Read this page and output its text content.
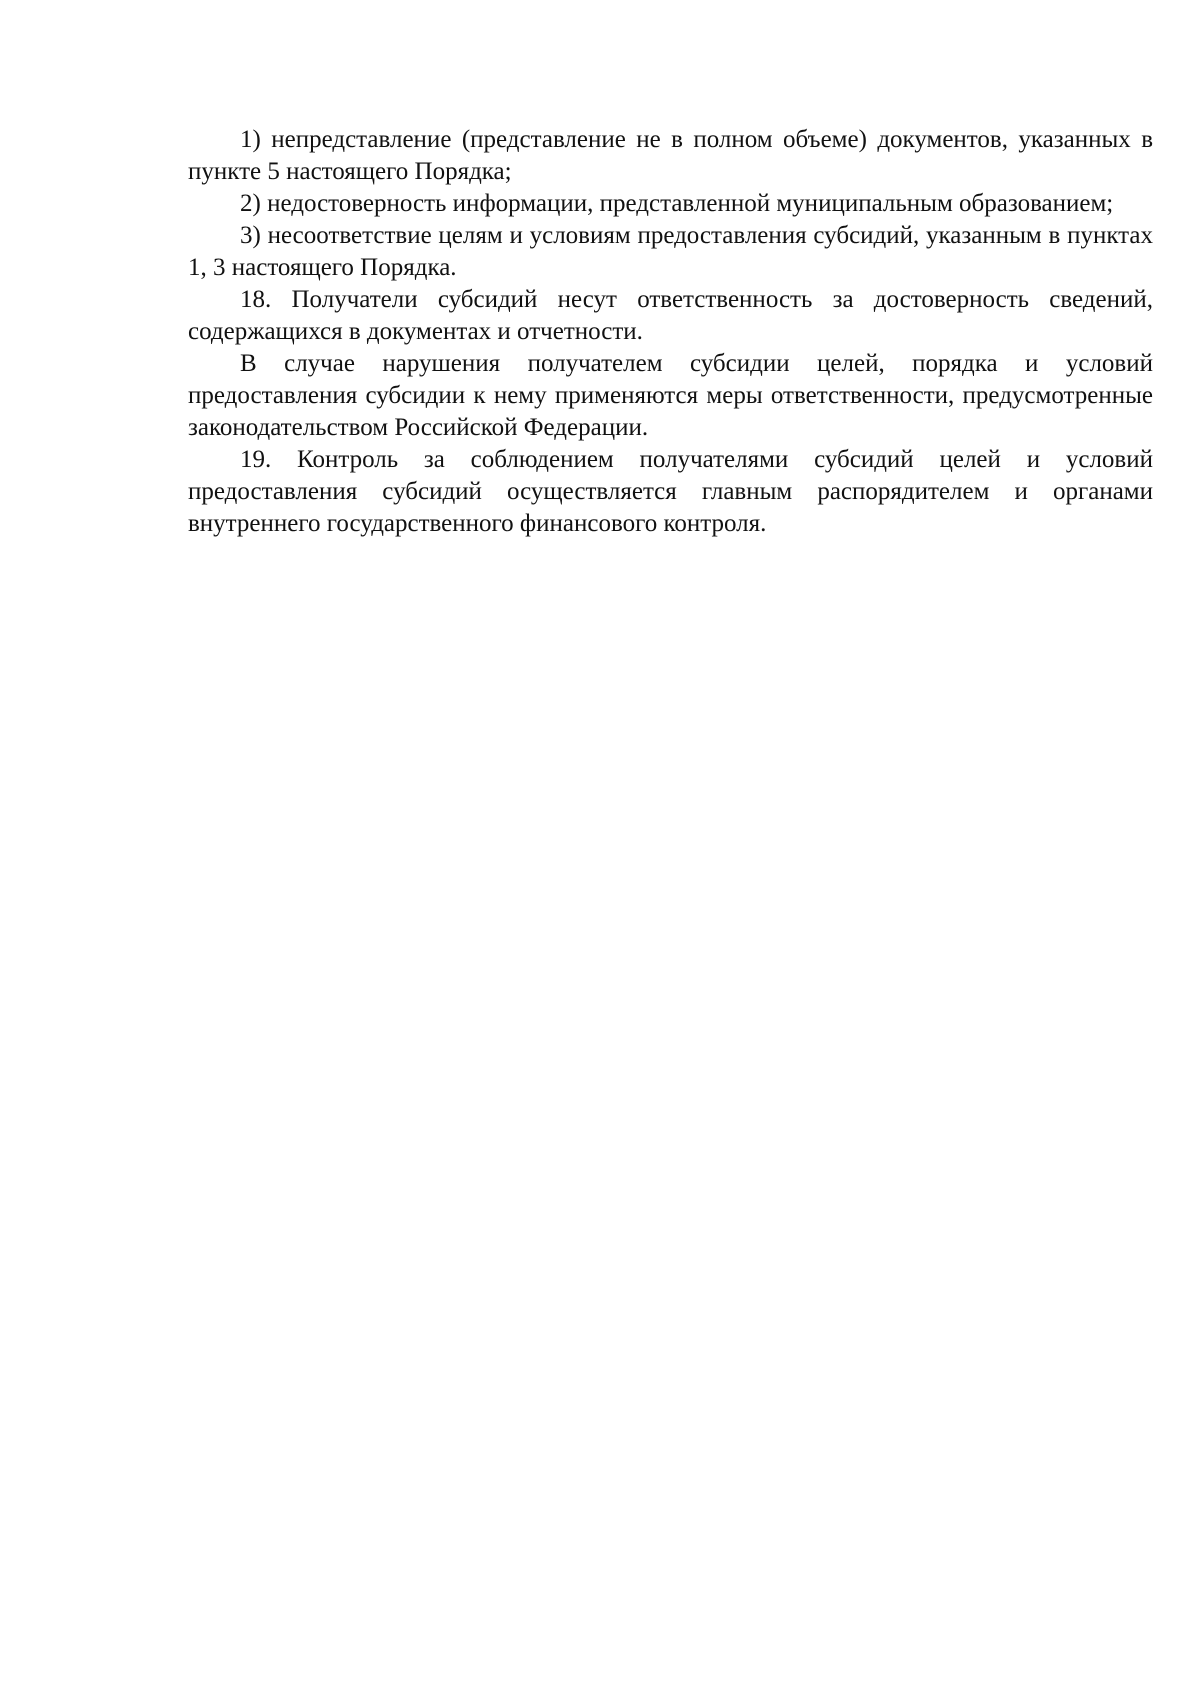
1) непредставление (представление не в полном объеме) документов, указанных в пункте 5 настоящего Порядка;

2) недостоверность информации, представленной муниципальным образованием;

3) несоответствие целям и условиям предоставления субсидий, указанным в пунктах 1, 3 настоящего Порядка.

18. Получатели субсидий несут ответственность за достоверность сведений, содержащихся в документах и отчетности.

В случае нарушения получателем субсидии целей, порядка и условий предоставления субсидии к нему применяются меры ответственности, предусмотренные законодательством Российской Федерации.

19. Контроль за соблюдением получателями субсидий целей и условий предоставления субсидий осуществляется главным распорядителем и органами внутреннего государственного финансового контроля.
